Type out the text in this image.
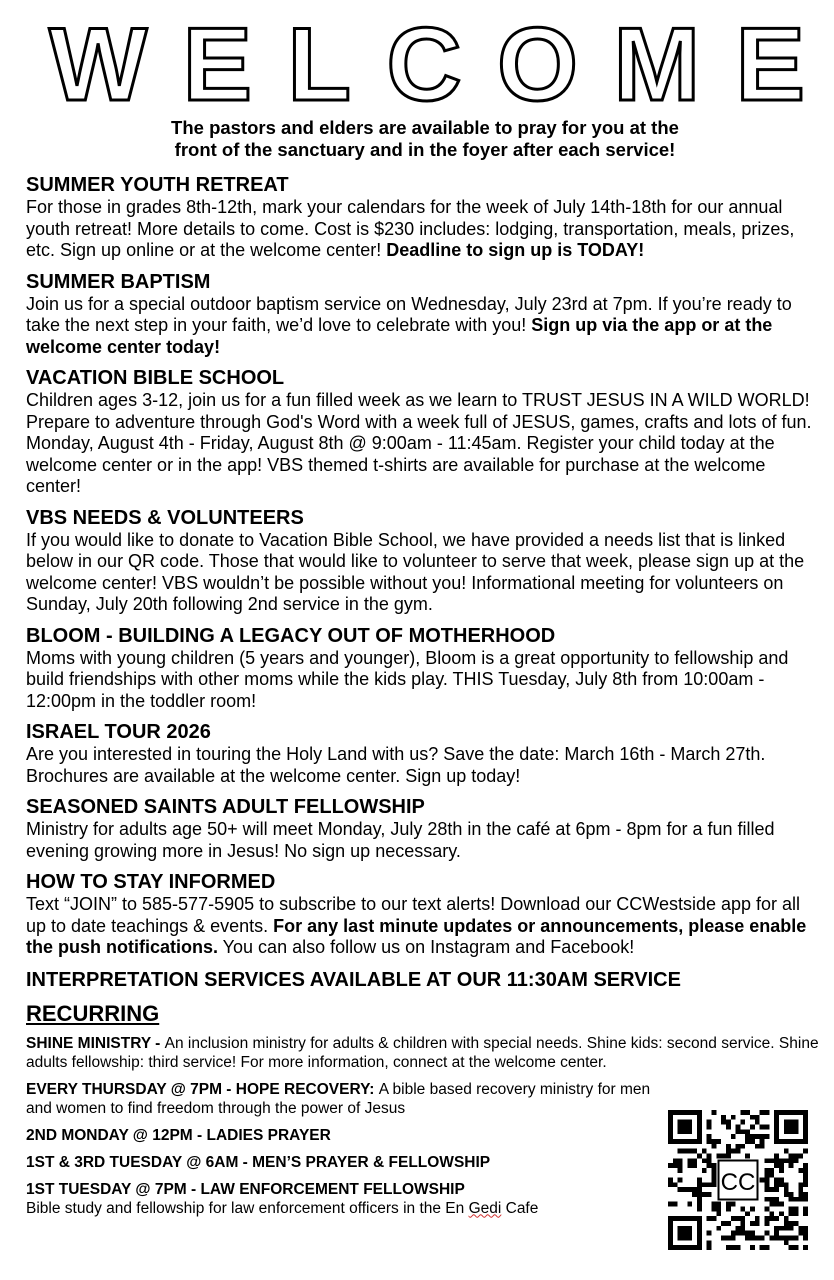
WELCOME
The pastors and elders are available to pray for you at the
front of the sanctuary and in the foyer after each service!
SUMMER YOUTH RETREAT

For those in grades 8th-12th, mark your calendars for the week of July 14th-18th for our annual youth retreat! More details to come. Cost is $230 includes: lodging, transportation, meals, prizes, etc. Sign up online or at the welcome center! Deadline to sign up is TODAY!

SUMMER BAPTISM

Join us for a special outdoor baptism service on Wednesday, July 23rd at 7pm. If you’re ready to take the next step in your faith, we’d love to celebrate with you! Sign up via the app or at the welcome center today!

VACATION BIBLE SCHOOL

Children ages 3-12, join us for a fun filled week as we learn to TRUST JESUS IN A WILD WORLD! Prepare to adventure through God's Word with a week full of JESUS, games, crafts and lots of fun. Monday, August 4th - Friday, August 8th @ 9:00am - 11:45am. Register your child today at the welcome center or in the app! VBS themed t-shirts are available for purchase at the welcome center!

VBS NEEDS & VOLUNTEERS

If you would like to donate to Vacation Bible School, we have provided a needs list that is linked below in our QR code. Those that would like to volunteer to serve that week, please sign up at the welcome center! VBS wouldn’t be possible without you! Informational meeting for volunteers on Sunday, July 20th following 2nd service in the gym.

BLOOM - BUILDING A LEGACY OUT OF MOTHERHOOD

Moms with young children (5 years and younger), Bloom is a great opportunity to fellowship and build friendships with other moms while the kids play. THIS Tuesday, July 8th from 10:00am - 12:00pm in the toddler room!

ISRAEL TOUR 2026

Are you interested in touring the Holy Land with us? Save the date: March 16th - March 27th. Brochures are available at the welcome center. Sign up today!

SEASONED SAINTS ADULT FELLOWSHIP

Ministry for adults age 50+ will meet Monday, July 28th in the café at 6pm - 8pm for a fun filled evening growing more in Jesus! No sign up necessary.

HOW TO STAY INFORMED

Text “JOIN” to 585-577-5905 to subscribe to our text alerts! Download our CCWestside app for all up to date teachings & events. For any last minute updates or announcements, please enable the push notifications. You can also follow us on Instagram and Facebook!

INTERPRETATION SERVICES AVAILABLE AT OUR 11:30AM SERVICE
RECURRING
SHINE MINISTRY - An inclusion ministry for adults & children with special needs. Shine kids: second service. Shine adults fellowship: third service! For more information, connect at the welcome center.
EVERY THURSDAY @ 7PM - HOPE RECOVERY: A bible based recovery ministry for men and women to find freedom through the power of Jesus
2ND MONDAY @ 12PM - LADIES PRAYER
1ST & 3RD TUESDAY @ 6AM - MEN’S PRAYER & FELLOWSHIP
1ST TUESDAY @ 7PM - LAW ENFORCEMENT FELLOWSHIP
Bible study and fellowship for law enforcement officers in the En Gedi Cafe
CC
